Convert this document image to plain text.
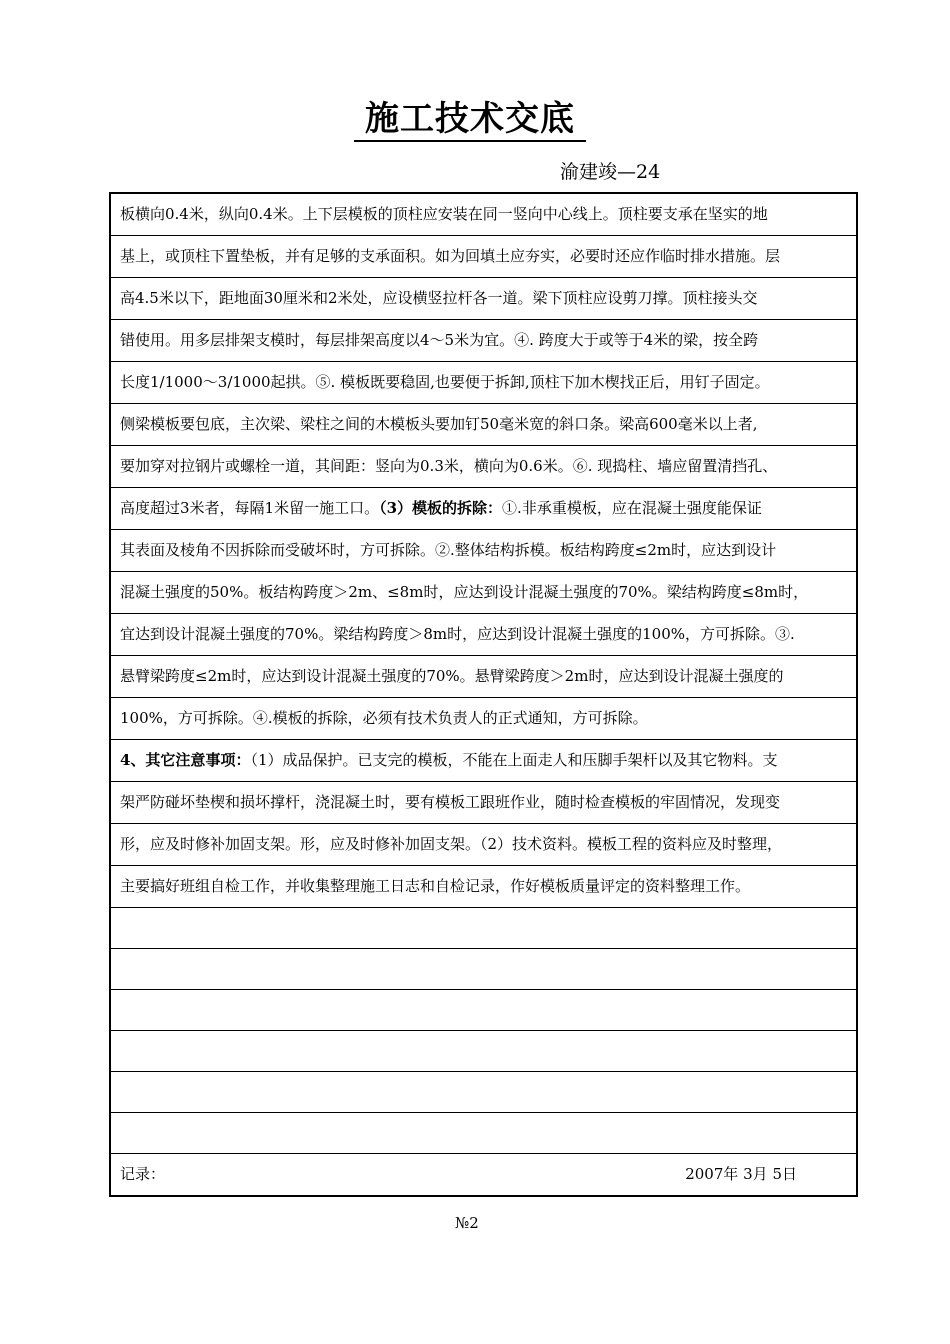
施工技术交底
渝建竣—24
板横向0.4米，纵向0.4米。上下层模板的顶柱应安装在同一竖向中心线上。顶柱要支承在坚实的地
基上，或顶柱下置垫板，并有足够的支承面积。如为回填土应夯实，必要时还应作临时排水措施。层
高4.5米以下，距地面30厘米和2米处，应设横竖拉杆各一道。梁下顶柱应设剪刀撑。顶柱接头交
错使用。用多层排架支模时，每层排架高度以4～5米为宜。④. 跨度大于或等于4米的梁，按全跨
长度1/1000～3/1000起拱。⑤. 模板既要稳固,也要便于拆卸,顶柱下加木楔找正后，用钉子固定。
侧梁模板要包底，主次梁、梁柱之间的木模板头要加钉50毫米宽的斜口条。梁高600毫米以上者,
要加穿对拉钢片或螺栓一道，其间距：竖向为0.3米，横向为0.6米。⑥. 现捣柱、墙应留置清挡孔、
高度超过3米者，每隔1米留一施工口。（3）模板的拆除：①.非承重模板，应在混凝土强度能保证
其表面及棱角不因拆除而受破坏时，方可拆除。②.整体结构拆模。板结构跨度≤2m时，应达到设计
混凝土强度的50%。板结构跨度＞2m、≤8m时，应达到设计混凝土强度的70%。梁结构跨度≤8m时，
宜达到设计混凝土强度的70%。梁结构跨度＞8m时，应达到设计混凝土强度的100%，方可拆除。③.
悬臂梁跨度≤2m时，应达到设计混凝土强度的70%。悬臂梁跨度＞2m时，应达到设计混凝土强度的
100%，方可拆除。④.模板的拆除，必须有技术负责人的正式通知，方可拆除。
4、其它注意事项：（1）成品保护。已支完的模板，不能在上面走人和压脚手架杆以及其它物料。支
架严防碰坏垫楔和损坏撑杆，浇混凝土时，要有模板工跟班作业，随时检查模板的牢固情况，发现变
形，应及时修补加固支架。形，应及时修补加固支架。（2）技术资料。模板工程的资料应及时整理，
主要搞好班组自检工作，并收集整理施工日志和自检记录，作好模板质量评定的资料整理工作。

记录：	2007年 3月 5日
№2
